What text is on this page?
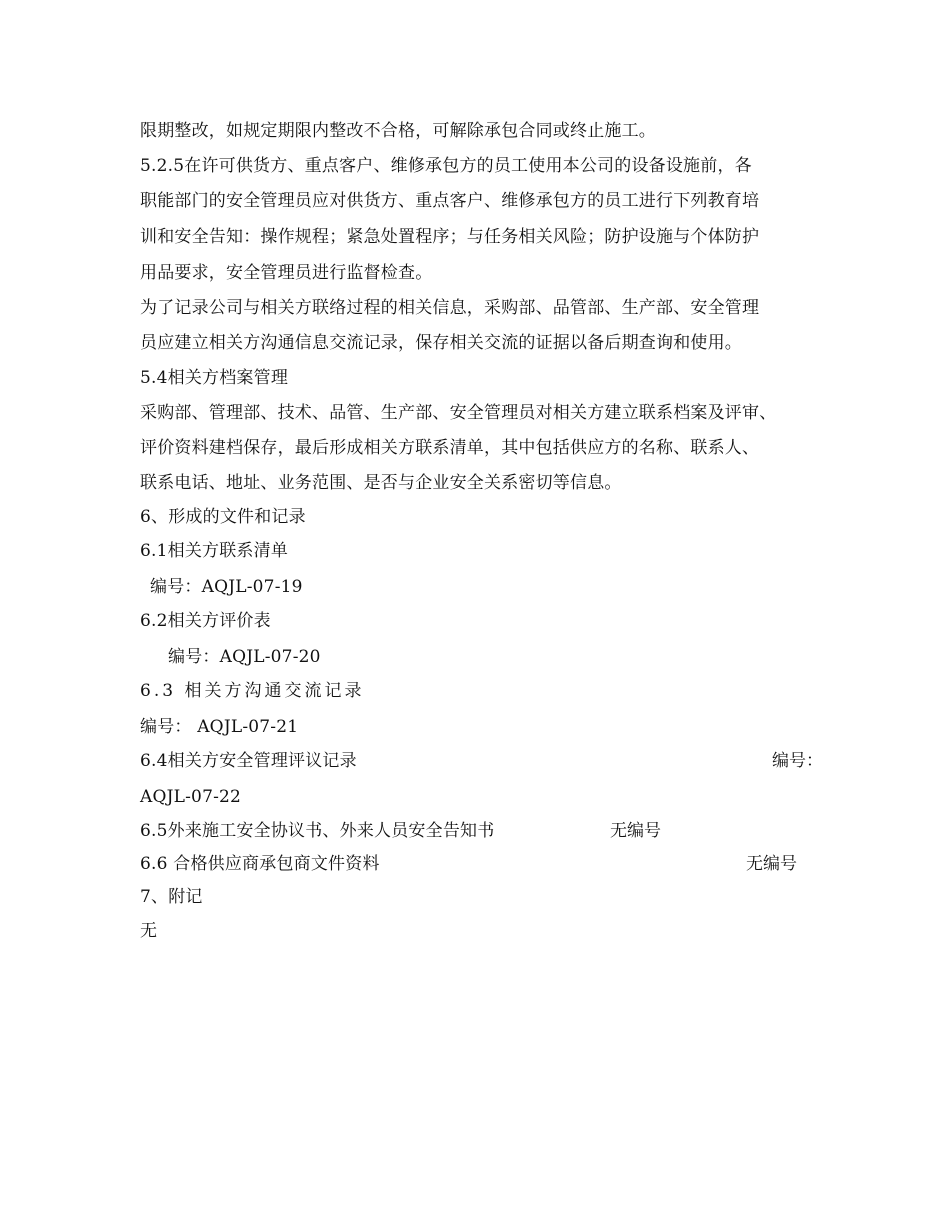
限期整改，如规定期限内整改不合格，可解除承包合同或终止施工。
5.2.5在许可供货方、重点客户、维修承包方的员工使用本公司的设备设施前，各
职能部门的安全管理员应对供货方、重点客户、维修承包方的员工进行下列教育培
训和安全告知：操作规程；紧急处置程序；与任务相关风险；防护设施与个体防护
用品要求，安全管理员进行监督检查。
为了记录公司与相关方联络过程的相关信息，采购部、品管部、生产部、安全管理
员应建立相关方沟通信息交流记录，保存相关交流的证据以备后期查询和使用。
5.4相关方档案管理
采购部、管理部、技术、品管、生产部、安全管理员对相关方建立联系档案及评审、
评价资料建档保存，最后形成相关方联系清单，其中包括供应方的名称、联系人、
联系电话、地址、业务范围、是否与企业安全关系密切等信息。
6、形成的文件和记录
6.1相关方联系清单
编号：AQJL-07-19
6.2相关方评价表
编号：AQJL-07-20
6.3 相关方沟通交流记录
编号： AQJL-07-21
6.4相关方安全管理评议记录	编号：
AQJL-07-22
6.5外来施工安全协议书、外来人员安全告知书	无编号
6.6 合格供应商承包商文件资料	无编号
7、附记
无
